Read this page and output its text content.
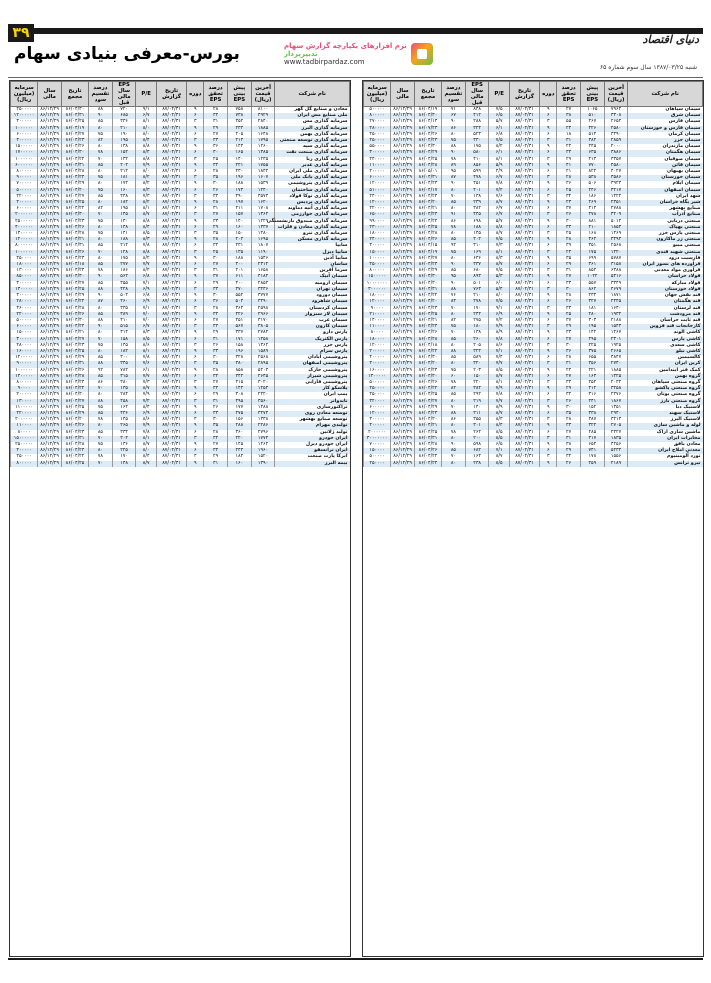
۳۹	دنیای اقتصاد
بورس-معرفی بنیادی سهام	نرم افزارهای یکپارچه گزارش سهام
تدبیرپرداز
www.tadbirpardaz.com
شنبه ۱۳۸۷/۰۳/۲۵ سال سوم شماره ۶۵
نام شرکت	آخرین قیمت (ریال)	پیش بینی EPS	درصد تحقق EPS	دوره	تاریخ گزارش	P/E	EPS سال مالی قبل	درصد تقسیم سود	تاریخ مجمع	سال مالی	سرمایه (میلیون ریال)
سیمان سپاهان	۷۹۶۲	۱۰۶۵	۲۷	۹	۸۷/۰۲/۳۱	۷/۵	۸۴۸	۷۱	۸۶/۰۴/۱۹	۸۶/۱۲/۲۹	۵۰۰۰۰۰
سیمان شرق	۳۳۰۸	۵۱۰	۳۸	۶	۸۷/۰۲/۳۱	۶/۵	۴۱۲	۶۷	۸۶/۰۴/۳۰	۸۶/۱۲/۲۹	۸۰۰۰۰۰
سیمان فارس	۲۶۵۴	۴۶۷	۵۵	۳	۸۷/۰۲/۳۱	۵/۷	۲۸۸	۹۰	۸۶/۰۴/۱۴	۸۶/۱۲/۲۹	۲۷۰۰۰۰
سیمان فارس و خوزستان	۲۵۸۰	۴۲۶	۲۴	۹	۸۷/۰۲/۳۱	۶/۱	۳۲۴	۸۶	۸۶/۰۷/۲۳	۸۶/۱۲/۲۹	۴۸۰۰۰۰
سیمان کرمان	۳۴۹۰	۵۱۴	۱۸	۶	۸۷/۰۲/۳۱	۶/۸	۵۲۳	۸۰	۸۶/۰۴/۲۶	۸۶/۱۲/۲۹	۴۵۰۰۰۰
سیمان خزر	۲۸۵۹	۳۸۲	۳۱	۳	۸۷/۰۲/۳۱	۷/۵	۳۳۰	۷۵	۸۶/۰۴/۲۳	۸۶/۱۲/۲۹	۲۵۰۰۰۰
سیمان مازندران	۲۰۰۰	۲۴۵	۲۲	۹	۸۷/۰۲/۳۱	۸/۲	۱۷۵	۸۸	۸۶/۰۴/۳۰	۸۶/۱۲/۲۹	۵۵۰۰۰۰
سیمان هگمتان	۳۸۸۶	۶۳۵	۳۴	۶	۸۷/۰۲/۳۱	۶/۱	۵۸۰	۹۰	۸۶/۰۴/۲۹	۸۶/۱۲/۲۹	۳۰۰۰۰۰
سیمان صوفیان	۳۳۵۷	۴۱۳	۲۹	۳	۸۷/۰۲/۳۱	۸/۱	۴۱۰	۷۸	۸۶/۰۴/۲۵	۸۶/۱۲/۲۹	۴۴۰۰۰۰
سیمان قائن	۴۵۸۰	۷۷۰	۴۱	۹	۸۷/۰۲/۳۱	۵/۹	۸۵۶	۸۹	۸۶/۰۴/۲۸	۸۶/۱۲/۲۹	۱۱۰۰۰۰
سیمان بهبهان	۴۰۲۷	۸۲۲	۲۱	۶	۸۷/۰۲/۳۱	۴/۹	۵۹۹	۹۵	۸۶/۰۵/۰۱	۸۶/۱۲/۲۹	۲۰۰۰۰۰
سیمان خوزستان	۳۵۸۶	۵۳۸	۲۸	۳	۸۷/۰۲/۳۱	۶/۷	۴۷۸	۸۷	۸۶/۰۴/۳۱	۸۶/۱۲/۲۹	۶۰۰۰۰۰
سیمان ایلام	۳۹۲۳	۵۰۶	۳۶	۹	۸۷/۰۲/۳۱	۷/۸	۴۵۱	۹۰	۸۶/۰۴/۲۳	۸۶/۱۲/۲۹	۱۲۰۰۰۰
سیمان اصفهان	۳۲۱۷	۴۴۶	۲۵	۶	۸۷/۰۲/۳۱	۷/۲	۴۰۱	۸۰	۸۶/۰۴/۱۷	۸۶/۱۲/۲۹	۵۱۰۰۰۰
شهد ایران	۱۴۲۲	۱۸۶	۳۲	۳	۸۷/۰۲/۳۱	۷/۶	۱۳۸	۷۰	۸۶/۰۴/۲۴	۸۶/۱۲/۲۹	۲۴۰۰۰۰
شیر پگاه خراسان	۲۳۵۱	۲۶۹	۲۳	۹	۸۷/۰۲/۳۱	۸/۷	۲۳۹	۸۵	۸۶/۰۴/۲۰	۸۶/۱۲/۲۹	۱۲۰۰۰۰
صنایع بهشهر	۲۷۸۸	۴۱۴	۳۷	۶	۸۷/۰۲/۳۱	۶/۷	۳۸۲	۸۰	۸۶/۰۴/۲۱	۸۶/۱۲/۲۹	۴۲۰۰۰۰
صنایع آذرآب	۳۲۰۹	۴۷۸	۲۶	۳	۸۷/۰۲/۳۱	۶/۷	۴۴۵	۹۱	۸۶/۰۴/۲۳	۸۶/۱۲/۲۹	۶۵۰۰۰۰
صنعتی دریایی	۵۰۱۴	۸۸۱	۳۰	۹	۸۷/۰۲/۳۱	۵/۷	۶۹۸	۸۶	۸۶/۰۴/۲۲	۸۶/۱۲/۲۹	۹۹۰۰۰۰
صنعتی بهپاک	۱۸۵۳	۲۱۰	۳۳	۶	۸۷/۰۲/۳۱	۸/۸	۱۸۸	۷۸	۸۶/۰۴/۲۵	۸۶/۱۲/۲۹	۲۳۰۰۰۰
صنعتی پارس خزر	۱۴۶۹	۱۶۸	۲۵	۳	۸۷/۰۲/۳۱	۸/۷	۱۴۵	۸۰	۸۶/۰۴/۲۸	۸۶/۱۲/۲۹	۱۸۰۰۰۰
صنعتی زر ماکارون	۳۴۹۴	۴۶۴	۲۸	۹	۸۷/۰۲/۳۱	۷/۵	۴۰۲	۸۵	۸۶/۰۴/۲۶	۸۶/۱۲/۲۹	۲۴۰۰۰۰
صنعتی مینو	۲۵۶۸	۳۵۱	۳۹	۶	۸۷/۰۲/۳۱	۷/۳	۳۱۰	۹۲	۸۶/۰۴/۱۵	۸۶/۱۲/۲۹	۳۰۰۰۰۰
صنعتی شهید قندی	۱۴۲۰	۱۷۵	۲۴	۳	۸۷/۰۲/۳۱	۸/۱	۱۶۹	۷۵	۸۶/۰۴/۱۹	۸۶/۱۲/۲۹	۱۵۰۰۰۰
فارسیت درود	۵۷۸۷	۶۹۹	۳۵	۹	۸۷/۰۲/۳۱	۸/۳	۶۳۶	۸۰	۸۶/۰۴/۲۷	۸۶/۱۲/۲۹	۱۰۰۰۰۰
فرآورده های نسوز ایران	۳۱۵۸	۳۶۱	۲۹	۶	۸۷/۰۲/۳۱	۸/۷	۳۳۷	۹۰	۸۶/۰۴/۲۴	۸۶/۱۲/۲۹	۴۵۰۰۰۰
فرآوری مواد معدنی	۶۳۸۸	۸۵۴	۳۱	۳	۸۷/۰۲/۳۱	۷/۵	۶۸۰	۸۵	۸۶/۰۴/۲۹	۸۶/۱۲/۲۹	۸۰۰۰۰۰
فولاد خراسان	۵۴۱۶	۱۰۲۲	۲۷	۹	۸۷/۰۲/۳۱	۵/۳	۸۹۳	۹۵	۸۶/۰۴/۳۰	۸۶/۱۲/۲۹	۱۵۰۰۰۰۰
فولاد مبارکه	۳۳۴۹	۵۵۷	۳۳	۶	۸۷/۰۲/۳۱	۶/۰	۵۰۱	۹۰	۸۶/۰۴/۳۰	۸۶/۱۲/۲۹	۱۰۰۰۰۰۰۰
فولاد خوزستان	۴۶۷۹	۸۶۲	۳۰	۳	۸۷/۰۲/۳۱	۵/۴	۷۶۳	۸۸	۸۶/۰۴/۳۱	۸۶/۱۲/۲۹	۳۰۰۰۰۰۰
قند نقش جهان	۱۸۷۱	۲۳۴	۲۸	۹	۸۷/۰۲/۳۱	۸/۰	۲۱۰	۷۶	۸۶/۰۴/۲۲	۸۶/۱۲/۲۹	۱۸۰۰۰۰
قند هگمتان	۲۴۴۵	۳۲۷	۲۶	۶	۸۷/۰۲/۳۱	۷/۵	۲۷۸	۸۴	۸۶/۰۴/۲۰	۸۶/۱۲/۲۹	۱۲۰۰۰۰
قند لرستان	۱۶۴۰	۱۸۱	۳۴	۳	۸۷/۰۲/۳۱	۹/۱	۱۷۰	۷۰	۸۶/۰۴/۲۳	۸۶/۱۲/۲۹	۹۰۰۰۰
قند مرودشت	۱۹۳۲	۲۸۰	۲۵	۹	۸۷/۰۲/۳۱	۶/۹	۲۴۴	۸۰	۸۶/۰۴/۲۵	۸۶/۱۲/۲۹	۲۱۰۰۰۰
قند ثابت خراسان	۲۱۸۸	۳۰۳	۳۷	۶	۸۷/۰۲/۳۱	۷/۲	۲۷۵	۸۲	۸۶/۰۴/۲۱	۸۶/۱۲/۲۹	۱۴۰۰۰۰
کارخانجات قند قزوین	۱۵۴۳	۱۹۵	۲۹	۳	۸۷/۰۲/۳۱	۷/۹	۱۸۰	۷۵	۸۶/۰۴/۲۴	۸۶/۱۲/۲۹	۱۱۰۰۰۰
کاشی الوند	۱۲۶۷	۱۴۲	۳۳	۹	۸۷/۰۲/۳۱	۸/۹	۱۳۸	۷۰	۸۶/۰۴/۲۶	۸۶/۱۲/۲۹	۸۰۰۰۰
کاشی پارس	۲۳۰۱	۲۹۵	۲۷	۶	۸۷/۰۲/۳۱	۷/۸	۲۶۰	۸۵	۸۶/۰۴/۲۸	۸۶/۱۲/۲۹	۱۸۰۰۰۰
کاشی سعدی	۱۹۲۵	۲۲۵	۳۰	۳	۸۷/۰۲/۳۱	۸/۶	۲۰۵	۸۰	۸۶/۰۴/۱۸	۸۶/۱۲/۲۹	۱۲۰۰۰۰
کاشی نیلو	۲۶۶۵	۳۷۵	۳۶	۹	۸۷/۰۲/۳۱	۷/۱	۳۲۲	۸۸	۸۶/۰۴/۲۲	۸۶/۱۲/۲۹	۲۰۰۰۰۰
کالسیمین	۴۸۴۷	۶۵۵	۲۸	۶	۸۷/۰۲/۳۱	۷/۴	۵۸۹	۸۵	۸۶/۰۴/۳۰	۸۶/۱۲/۲۹	۴۰۰۰۰۰
کربن ایران	۲۷۴۰	۳۵۶	۳۱	۳	۸۷/۰۲/۳۱	۷/۷	۳۲۰	۸۰	۸۶/۰۴/۲۰	۸۶/۱۲/۲۹	۳۰۰۰۰۰
کمک فنر ایندامین	۱۸۸۵	۲۲۱	۲۴	۹	۸۷/۰۲/۳۱	۸/۵	۲۰۳	۷۵	۸۶/۰۴/۲۴	۸۶/۱۲/۲۹	۱۶۰۰۰۰
گروه بهمن	۱۴۲۵	۱۶۳	۲۷	۶	۸۷/۰۲/۳۱	۸/۷	۱۵۰	۶۰	۸۶/۰۴/۳۰	۸۶/۱۲/۲۹	۱۳۰۰۰۰۰
گروه صنعتی سپاهان	۲۰۳۴	۲۵۲	۳۴	۳	۸۷/۰۲/۳۱	۸/۱	۲۲۰	۷۸	۸۶/۰۴/۲۶	۸۶/۱۲/۲۹	۵۰۰۰۰۰
گروه صنعتی پاکشو	۳۲۵۸	۴۱۲	۲۹	۹	۸۷/۰۲/۳۱	۷/۹	۳۸۴	۸۲	۸۶/۰۴/۲۲	۸۶/۱۲/۲۹	۲۵۰۰۰۰
گروه صنعتی بوتان	۲۴۷۶	۳۱۶	۳۲	۶	۸۷/۰۲/۳۱	۷/۸	۲۹۲	۸۵	۸۶/۰۴/۲۵	۸۶/۱۲/۲۹	۴۵۰۰۰۰
گروه صنعتی بارز	۱۸۶۷	۲۴۱	۲۶	۳	۸۷/۰۲/۳۱	۷/۷	۲۱۹	۸۰	۸۶/۰۴/۲۷	۸۶/۱۲/۲۹	۳۲۰۰۰۰
لاستیک دنا	۱۳۵۱	۱۵۲	۳۰	۹	۸۷/۰۲/۳۱	۸/۹	۱۴۰	۷۰	۸۶/۰۴/۲۹	۸۶/۱۲/۲۹	۶۰۰۰۰۰
لاستیک سهند	۲۹۴۰	۳۳۸	۳۵	۶	۸۷/۰۲/۳۱	۸/۷	۳۱۱	۸۸	۸۶/۰۴/۲۳	۸۶/۱۲/۲۹	۱۲۰۰۰۰
لاستیک البرز	۳۲۱۳	۳۸۷	۲۸	۳	۸۷/۰۲/۳۱	۸/۳	۳۵۵	۸۶	۸۶/۰۴/۳۰	۸۶/۱۲/۲۹	۳۰۰۰۰۰
لوله و ماشین سازی	۲۷۰۵	۳۲۲	۳۳	۹	۸۷/۰۲/۳۱	۸/۴	۳۰۱	۸۰	۸۶/۰۴/۲۱	۸۶/۱۲/۲۹	۴۰۰۰۰۰
ماشین سازی اراک	۲۴۲۷	۲۸۵	۲۷	۶	۸۷/۰۲/۳۱	۸/۵	۲۶۴	۷۸	۸۶/۰۴/۲۵	۸۶/۱۲/۲۹	۲۰۰۰۰۰۰
مخابرات ایران	۱۸۳۵	۲۱۷	۳۱	۳	۸۷/۰۲/۳۱	۸/۵	۲۰۰	۸۰	۸۶/۰۴/۳۱	۸۶/۱۲/۲۹	۳۰۰۰۰۰۰۰
معادن بافق	۴۲۵۶	۶۵۲	۳۸	۹	۸۷/۰۲/۳۱	۶/۵	۵۹۸	۹۰	۸۶/۰۴/۲۸	۸۶/۱۲/۲۹	۷۰۰۰۰۰
معدنی املاح ایران	۵۲۳۴	۷۴۱	۲۹	۶	۸۷/۰۲/۳۱	۷/۱	۶۸۲	۸۵	۸۶/۰۴/۲۶	۸۶/۱۲/۲۹	۱۵۰۰۰۰
نورد آلومینیوم	۱۵۵۶	۱۷۸	۳۲	۳	۸۷/۰۲/۳۱	۸/۷	۱۶۴	۷۰	۸۶/۰۴/۲۲	۸۶/۱۲/۲۹	۵۰۰۰۰۰
نیرو ترانس	۲۱۸۹	۲۵۹	۲۶	۹	۸۷/۰۲/۳۱	۸/۵	۲۳۸	۸۰	۸۶/۰۴/۲۴	۸۶/۱۲/۲۹	۲۵۰۰۰۰
نام شرکت	آخرین قیمت (ریال)	پیش بینی EPS	درصد تحقق EPS	دوره	تاریخ گزارش	P/E	EPS سال مالی قبل	درصد تقسیم سود	تاریخ مجمع	سال مالی	سرمایه (میلیون ریال)
معادن و صنایع گل گهر	۸۱۰۰	۷۵۸	۲۸	۹	۸۷/۰۲/۳۱	۹/۱	۷۲۰	۸۸	۸۶/۰۴/۳۰	۸۶/۱۲/۲۹	۲۵۰۰۰۰
ملی صنایع مس ایران	۴۹۲۹	۷۳۸	۳۴	۶	۸۷/۰۲/۳۱	۶/۷	۶۸۵	۹۰	۸۶/۰۴/۳۱	۸۶/۱۲/۲۹	۱۲۰۰۰۰۰۰
سرمایه گذاری مس	۲۸۴۰	۳۵۲	۳۱	۳	۸۷/۰۲/۳۱	۸/۱	۳۳۶	۸۵	۸۶/۰۴/۲۵	۸۶/۱۲/۲۹	۳۰۰۰۰۰
سرمایه گذاری البرز	۱۸۸۵	۲۳۴	۲۹	۹	۸۷/۰۲/۳۱	۸/۰	۲۱۰	۸۰	۸۶/۰۴/۱۹	۸۶/۱۲/۲۹	۱۰۰۰۰۰۰
سرمایه گذاری بهمن	۱۶۴۸	۲۰۵	۲۷	۶	۸۷/۰۲/۳۱	۸/۰	۱۹۰	۷۵	۸۶/۰۴/۲۷	۸۶/۱۲/۲۹	۶۰۰۰۰۰
سرمایه گذاری توسعه صنعتی	۱۷۹۵	۲۱۳	۳۳	۳	۸۷/۰۲/۳۱	۸/۴	۱۹۵	۸۲	۸۶/۰۴/۲۳	۸۶/۱۲/۲۹	۴۰۰۰۰۰
سرمایه گذاری سپه	۱۲۶۰	۱۴۴	۳۶	۹	۸۷/۰۲/۳۱	۸/۸	۱۳۸	۸۰	۸۶/۰۴/۲۶	۸۶/۱۲/۲۹	۱۵۰۰۰۰۰
سرمایه گذاری صنعت نفت	۱۳۸۵	۱۶۵	۳۰	۶	۸۷/۰۲/۳۱	۸/۴	۱۵۲	۷۸	۸۶/۰۴/۳۰	۸۶/۱۲/۲۹	۱۷۰۰۰۰۰
سرمایه گذاری رنا	۱۲۳۵	۱۴۰	۲۵	۳	۸۷/۰۲/۳۱	۸/۸	۱۳۲	۷۰	۸۶/۰۴/۲۲	۸۶/۱۲/۲۹	۱۰۰۰۰۰۰
سرمایه گذاری غدیر	۱۷۵۵	۲۲۱	۳۲	۹	۸۷/۰۲/۳۱	۷/۹	۲۰۴	۸۵	۸۶/۰۴/۳۱	۸۶/۱۲/۲۹	۶۰۰۰۰۰۰
سرمایه گذاری ملی ایران	۱۸۴۲	۲۳۰	۲۸	۶	۸۷/۰۲/۳۱	۸/۰	۲۱۲	۸۰	۸۶/۰۴/۲۸	۸۶/۱۲/۲۹	۸۰۰۰۰۰
سرمایه گذاری بانک ملی	۱۶۰۷	۱۹۶	۳۵	۳	۸۷/۰۲/۳۱	۸/۲	۱۸۱	۷۵	۸۶/۰۴/۲۴	۸۶/۱۲/۲۹	۹۰۰۰۰۰
سرمایه گذاری پتروشیمی	۱۵۳۹	۱۸۸	۳۰	۹	۸۷/۰۲/۳۱	۸/۲	۱۷۴	۸۰	۸۶/۰۴/۲۹	۸۶/۱۲/۲۹	۷۰۰۰۰۰
سرمایه گذاری ساختمان	۱۴۴۰	۱۷۴	۲۶	۶	۸۷/۰۲/۳۱	۸/۳	۱۶۰	۷۵	۸۶/۰۴/۲۰	۸۶/۱۲/۲۹	۵۰۰۰۰۰
سرمایه گذاری توکا فولاد	۳۵۷۴	۴۹۰	۳۴	۳	۸۷/۰۲/۳۱	۷/۳	۴۴۸	۸۵	۸۶/۰۴/۲۷	۸۶/۱۲/۲۹	۲۲۰۰۰۰
سرمایه گذاری پردیس	۱۶۲۰	۱۹۷	۲۸	۹	۸۷/۰۲/۳۱	۸/۲	۱۸۲	۸۰	۸۶/۰۴/۲۵	۸۶/۱۲/۲۹	۴۰۰۰۰۰
سرمایه گذاری آتیه دماوند	۱۷۰۸	۲۱۱	۳۱	۶	۸۷/۰۲/۳۱	۸/۱	۱۹۵	۸۲	۸۶/۰۴/۲۲	۸۶/۱۲/۲۹	۶۰۰۰۰۰
سرمایه گذاری خوارزمی	۱۳۶۲	۱۵۷	۲۷	۳	۸۷/۰۲/۳۱	۸/۷	۱۴۵	۷۰	۸۶/۰۴/۳۰	۸۶/۱۲/۲۹	۲۰۰۰۰۰۰
سرمایه گذاری صندوق بازنشستگی	۱۲۲۹	۱۴۰	۳۳	۹	۸۷/۰۲/۳۱	۸/۸	۱۳۰	۷۵	۸۶/۰۴/۲۳	۸۶/۱۲/۲۹	۲۵۰۰۰۰۰
سرمایه گذاری معادن و فلزات	۱۳۳۷	۱۶۰	۲۹	۶	۸۷/۰۲/۳۱	۸/۴	۱۴۸	۸۰	۸۶/۰۴/۲۶	۸۶/۱۲/۲۹	۴۰۰۰۰۰۰
سرمایه گذاری نیرو	۱۲۸۰	۱۵۰	۳۵	۳	۸۷/۰۲/۳۱	۸/۵	۱۴۱	۷۵	۸۶/۰۴/۲۸	۸۶/۱۲/۲۹	۱۳۰۰۰۰۰
سرمایه گذاری مسکن	۱۶۹۵	۲۰۴	۲۸	۹	۸۷/۰۲/۳۱	۸/۳	۱۸۸	۸۰	۸۶/۰۴/۲۱	۸۶/۱۲/۲۹	۱۲۰۰۰۰۰
سایپا	۱۸۰۷	۲۳۱	۳۲	۶	۸۷/۰۲/۳۱	۷/۸	۲۱۴	۸۵	۸۶/۰۴/۳۱	۸۶/۱۲/۲۹	۸۰۰۰۰۰۰
سایپا دیزل	۱۱۹۰	۱۳۵	۲۵	۳	۸۷/۰۲/۳۱	۸/۸	۱۲۸	۷۰	۸۶/۰۴/۲۶	۸۶/۱۲/۲۹	۱۰۰۰۰۰۰
سایپا آذین	۱۵۴۶	۱۸۸	۳۰	۹	۸۷/۰۲/۳۱	۸/۲	۱۷۵	۸۰	۸۶/۰۴/۲۳	۸۶/۱۲/۲۹	۴۵۰۰۰۰
ساسان	۲۳۱۲	۳۰۰	۲۷	۶	۸۷/۰۲/۳۱	۷/۷	۲۷۷	۸۵	۸۶/۰۴/۱۸	۸۶/۱۲/۲۹	۱۸۰۰۰۰
سرما آفرین	۱۶۵۸	۲۰۱	۳۱	۳	۸۷/۰۲/۳۱	۸/۲	۱۸۶	۷۸	۸۶/۰۴/۲۴	۸۶/۱۲/۲۹	۱۳۰۰۰۰
سیمان آبیک	۴۱۸۲	۶۱۱	۳۷	۹	۸۷/۰۲/۳۱	۶/۸	۵۶۲	۹۰	۸۶/۰۴/۳۰	۸۶/۱۲/۲۹	۸۵۰۰۰۰
سیمان ارومیه	۲۸۵۴	۴۰۰	۲۹	۶	۸۷/۰۲/۳۱	۷/۱	۳۵۵	۸۵	۸۶/۰۴/۲۷	۸۶/۱۲/۲۹	۳۰۰۰۰۰
سیمان تهران	۳۲۳۶	۴۷۰	۳۳	۳	۸۷/۰۲/۳۱	۶/۹	۴۲۸	۸۸	۸۶/۰۴/۲۵	۸۶/۱۲/۲۹	۱۳۰۰۰۰۰
سیمان دورود	۳۷۷۷	۵۵۲	۳۰	۹	۸۷/۰۲/۳۱	۶/۸	۵۰۴	۹۰	۸۶/۰۴/۲۹	۸۶/۱۲/۲۹	۴۰۰۰۰۰
سیمان شاهرود	۳۴۹۰	۵۰۴	۳۶	۶	۸۷/۰۲/۳۱	۶/۹	۴۶۰	۸۷	۸۶/۰۴/۲۲	۸۶/۱۲/۲۹	۲۸۰۰۰۰
سیمان کردستان	۲۵۹۸	۳۶۴	۲۸	۳	۸۷/۰۲/۳۱	۷/۱	۳۳۵	۸۰	۸۶/۰۴/۲۸	۸۶/۱۲/۲۹	۳۶۰۰۰۰
سیمان لار سبزوار	۲۹۶۶	۴۲۶	۳۲	۹	۸۷/۰۲/۳۱	۷/۰	۳۸۹	۸۵	۸۶/۰۴/۲۶	۸۶/۱۲/۲۹	۲۲۰۰۰۰
سیمان غرب	۳۱۷۰	۴۵۱	۲۷	۶	۸۷/۰۲/۳۱	۷/۰	۴۱۰	۸۸	۸۶/۰۴/۳۰	۸۶/۱۲/۲۹	۵۰۰۰۰۰
سیمان کارون	۳۸۰۵	۵۶۷	۳۴	۳	۸۷/۰۲/۳۱	۶/۷	۵۱۵	۹۰	۸۶/۰۴/۲۴	۸۶/۱۲/۲۹	۶۰۰۰۰۰
پارس دارو	۲۷۸۲	۳۳۷	۲۹	۹	۸۷/۰۲/۳۱	۸/۳	۳۱۴	۸۰	۸۶/۰۴/۲۱	۸۶/۱۲/۲۹	۱۵۰۰۰۰
پارس الکتریک	۱۴۵۸	۱۷۱	۳۱	۶	۸۷/۰۲/۳۱	۸/۵	۱۵۸	۷۰	۸۶/۰۴/۲۷	۸۶/۱۲/۲۹	۳۰۰۰۰۰
پارس خزر	۱۳۶۲	۱۵۸	۲۶	۳	۸۷/۰۲/۳۱	۸/۶	۱۴۵	۷۵	۸۶/۰۴/۲۳	۸۶/۱۲/۲۹	۲۸۰۰۰۰
پارس سرام	۱۵۸۹	۱۹۶	۳۳	۹	۸۷/۰۲/۳۱	۸/۱	۱۸۲	۸۰	۸۶/۰۴/۲۵	۸۶/۱۲/۲۹	۱۶۰۰۰۰
پتروشیمی آبادان	۲۵۶۸	۳۲۸	۳۰	۶	۸۷/۰۲/۳۱	۷/۸	۳۰۰	۸۵	۸۶/۰۴/۲۹	۸۶/۱۲/۲۹	۱۲۰۰۰۰۰
پتروشیمی اصفهان	۲۸۹۵	۳۸۰	۳۵	۳	۸۷/۰۲/۳۱	۷/۶	۳۴۵	۸۸	۸۶/۰۴/۳۱	۸۶/۱۲/۲۹	۹۰۰۰۰۰
پتروشیمی خارک	۵۲۰۴	۸۵۸	۲۸	۹	۸۷/۰۲/۳۱	۶/۱	۷۸۲	۹۲	۸۶/۰۴/۲۶	۸۶/۱۲/۲۹	۱۰۰۰۰۰۰
پتروشیمی شیراز	۲۶۴۵	۳۴۲	۳۲	۶	۸۷/۰۲/۳۱	۷/۷	۳۱۵	۸۵	۸۶/۰۴/۲۸	۸۶/۱۲/۲۹	۱۴۰۰۰۰۰
پتروشیمی فارابی	۳۰۲۰	۴۱۵	۲۷	۳	۸۷/۰۲/۳۱	۷/۳	۳۸۰	۸۶	۸۶/۰۴/۲۴	۸۶/۱۲/۲۹	۸۰۰۰۰۰
پلاسکو کار	۱۲۵۴	۱۴۴	۳۴	۹	۸۷/۰۲/۳۱	۸/۷	۱۳۵	۷۰	۸۶/۰۴/۲۲	۸۶/۱۲/۲۹	۹۰۰۰۰
پمپ ایران	۲۴۲۰	۳۰۸	۲۹	۶	۸۷/۰۲/۳۱	۷/۹	۲۸۴	۸۰	۸۶/۰۴/۳۰	۸۶/۱۲/۲۹	۲۰۰۰۰۰
تایدواتر	۳۵۶۰	۴۹۵	۳۱	۳	۸۷/۰۲/۳۱	۷/۲	۴۵۸	۸۸	۸۶/۰۴/۲۷	۸۶/۱۲/۲۹	۱۳۰۰۰۰
تراکتورسازی	۱۴۸۸	۱۷۷	۲۶	۹	۸۷/۰۲/۳۱	۸/۴	۱۶۴	۷۵	۸۶/۰۴/۲۵	۸۶/۱۲/۲۹	۱۱۰۰۰۰۰
توسعه معادن روی	۳۲۷۴	۴۷۵	۳۳	۶	۸۷/۰۲/۳۱	۶/۹	۴۳۶	۸۵	۸۶/۰۴/۲۹	۸۶/۱۲/۲۹	۴۲۰۰۰۰
توسعه صنایع بهشهر	۱۳۳۸	۱۵۶	۳۰	۳	۸۷/۰۲/۳۱	۸/۶	۱۴۵	۷۸	۸۶/۰۴/۲۰	۸۶/۱۲/۲۹	۲۰۰۰۰۰۰
تولیدی مهرام	۲۲۸۶	۲۸۸	۳۵	۹	۸۷/۰۲/۳۱	۷/۹	۲۶۵	۸۰	۸۶/۰۴/۲۶	۸۶/۱۲/۲۹	۱۱۰۰۰۰
تولید ژلاتین	۲۷۹۶	۳۶۰	۲۸	۶	۸۷/۰۲/۳۱	۷/۸	۳۳۴	۸۵	۸۶/۰۴/۲۳	۸۶/۱۲/۲۹	۸۰۰۰۰
ایران خودرو	۱۷۷۴	۲۲۰	۳۲	۳	۸۷/۰۲/۳۱	۸/۱	۲۰۴	۷۰	۸۶/۰۴/۳۱	۸۶/۱۲/۲۹	۱۵۰۰۰۰۰۰
ایران خودرو دیزل	۱۲۶۲	۱۴۵	۲۷	۹	۸۷/۰۲/۳۱	۸/۷	۱۳۶	۷۵	۸۶/۰۴/۲۸	۸۶/۱۲/۲۹	۲۵۰۰۰۰۰
ایران ترانسفو	۱۹۶۰	۲۴۴	۳۴	۶	۸۷/۰۲/۳۱	۸/۰	۲۲۵	۸۰	۸۶/۰۴/۲۴	۸۶/۱۲/۲۹	۴۰۰۰۰۰
ایرکا پارت صنعت	۱۵۲۰	۱۸۲	۲۹	۳	۸۷/۰۲/۳۱	۸/۴	۱۷۰	۷۸	۸۶/۰۴/۲۲	۸۶/۱۲/۲۹	۲۵۰۰۰۰
بیمه البرز	۱۳۹۰	۱۶۰	۳۱	۹	۸۷/۰۲/۳۱	۸/۷	۱۴۸	۷۰	۸۶/۰۴/۲۵	۸۶/۱۲/۲۹	۸۰۰۰۰۰
